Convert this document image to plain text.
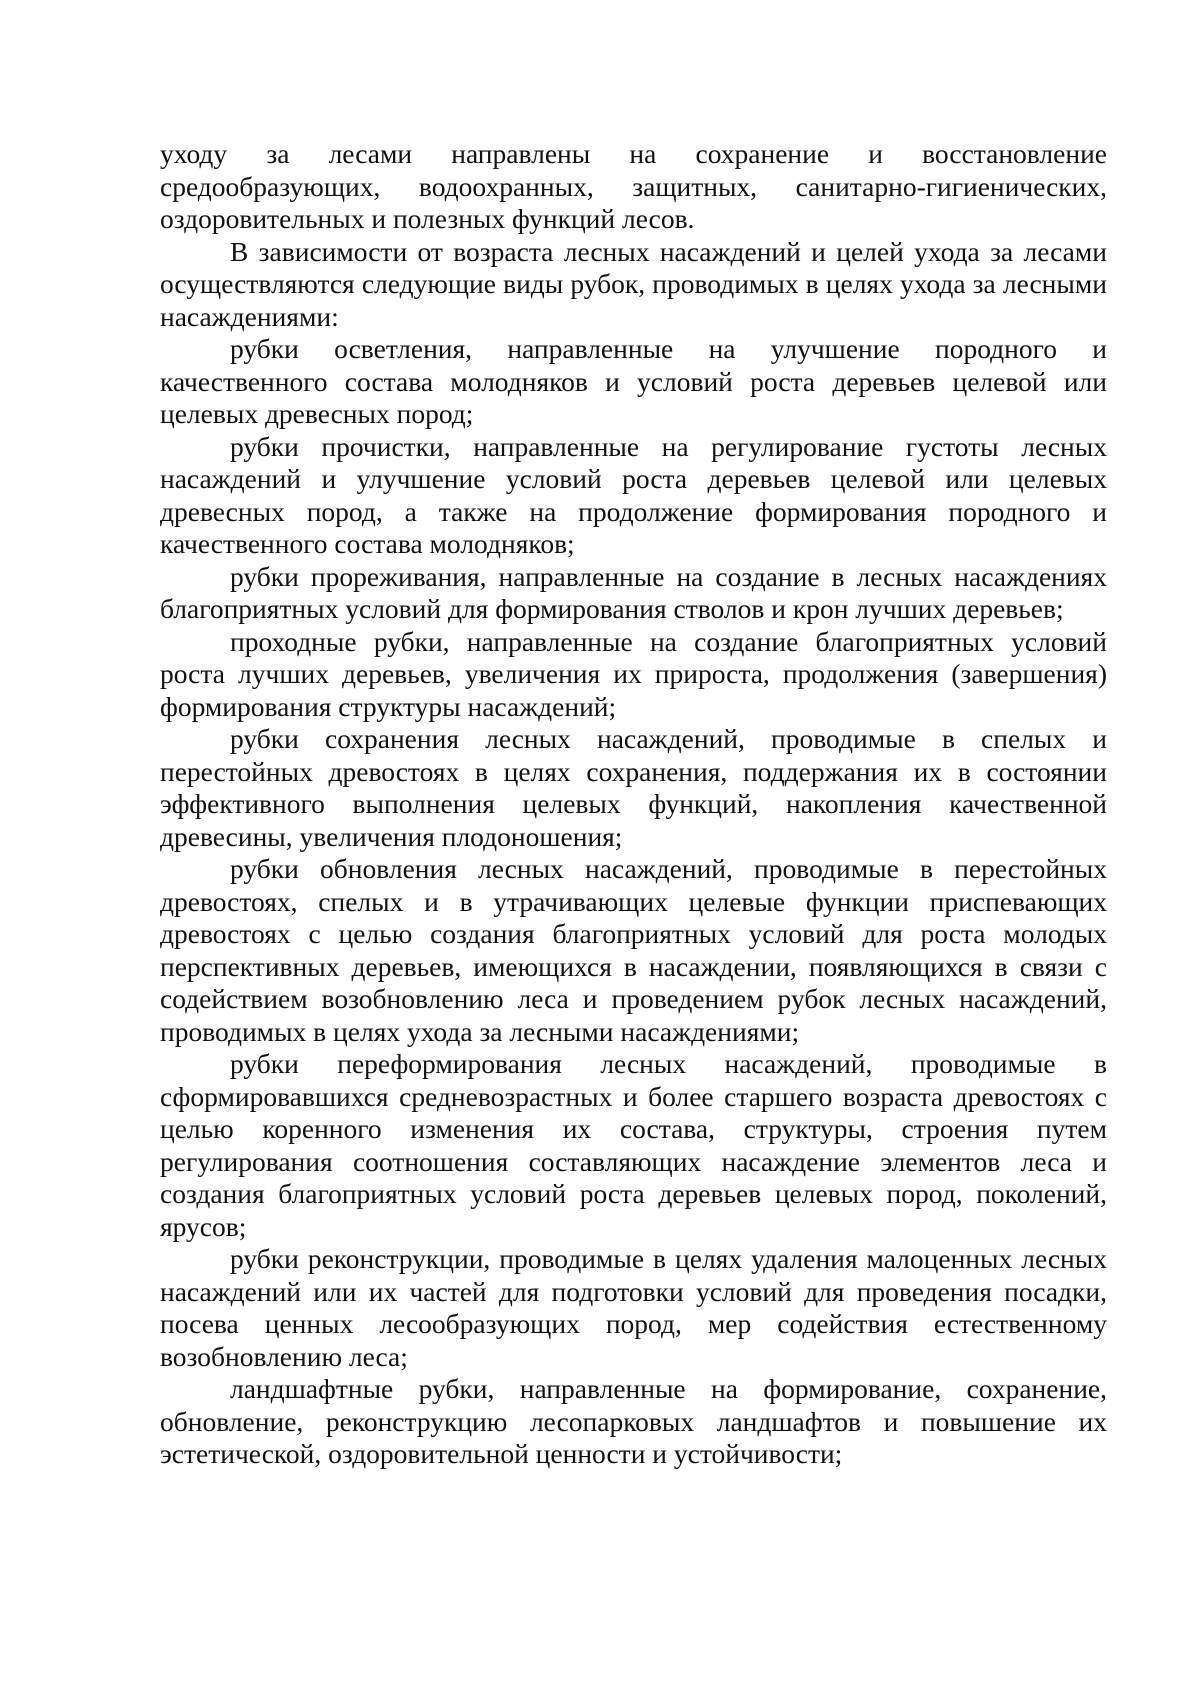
уходу за лесами направлены на сохранение и восстановление средообразующих, водоохранных, защитных, санитарно-гигиенических, оздоровительных и полезных функций лесов.

В зависимости от возраста лесных насаждений и целей ухода за лесами осуществляются следующие виды рубок, проводимых в целях ухода за лесными насаждениями:

рубки осветления, направленные на улучшение породного и качественного состава молодняков и условий роста деревьев целевой или целевых древесных пород;

рубки прочистки, направленные на регулирование густоты лесных насаждений и улучшение условий роста деревьев целевой или целевых древесных пород, а также на продолжение формирования породного и качественного состава молодняков;

рубки прореживания, направленные на создание в лесных насаждениях благоприятных условий для формирования стволов и крон лучших деревьев;

проходные рубки, направленные на создание благоприятных условий роста лучших деревьев, увеличения их прироста, продолжения (завершения) формирования структуры насаждений;

рубки сохранения лесных насаждений, проводимые в спелых и перестойных древостоях в целях сохранения, поддержания их в состоянии эффективного выполнения целевых функций, накопления качественной древесины, увеличения плодоношения;

рубки обновления лесных насаждений, проводимые в перестойных древостоях, спелых и в утрачивающих целевые функции приспевающих древостоях с целью создания благоприятных условий для роста молодых перспективных деревьев, имеющихся в насаждении, появляющихся в связи с содействием возобновлению леса и проведением рубок лесных насаждений, проводимых в целях ухода за лесными насаждениями;

рубки переформирования лесных насаждений, проводимые в сформировавшихся средневозрастных и более старшего возраста древостоях с целью коренного изменения их состава, структуры, строения путем регулирования соотношения составляющих насаждение элементов леса и создания благоприятных условий роста деревьев целевых пород, поколений, ярусов;

рубки реконструкции, проводимые в целях удаления малоценных лесных насаждений или их частей для подготовки условий для проведения посадки, посева ценных лесообразующих пород, мер содействия естественному возобновлению леса;

ландшафтные рубки, направленные на формирование, сохранение, обновление, реконструкцию лесопарковых ландшафтов и повышение их эстетической, оздоровительной ценности и устойчивости;
